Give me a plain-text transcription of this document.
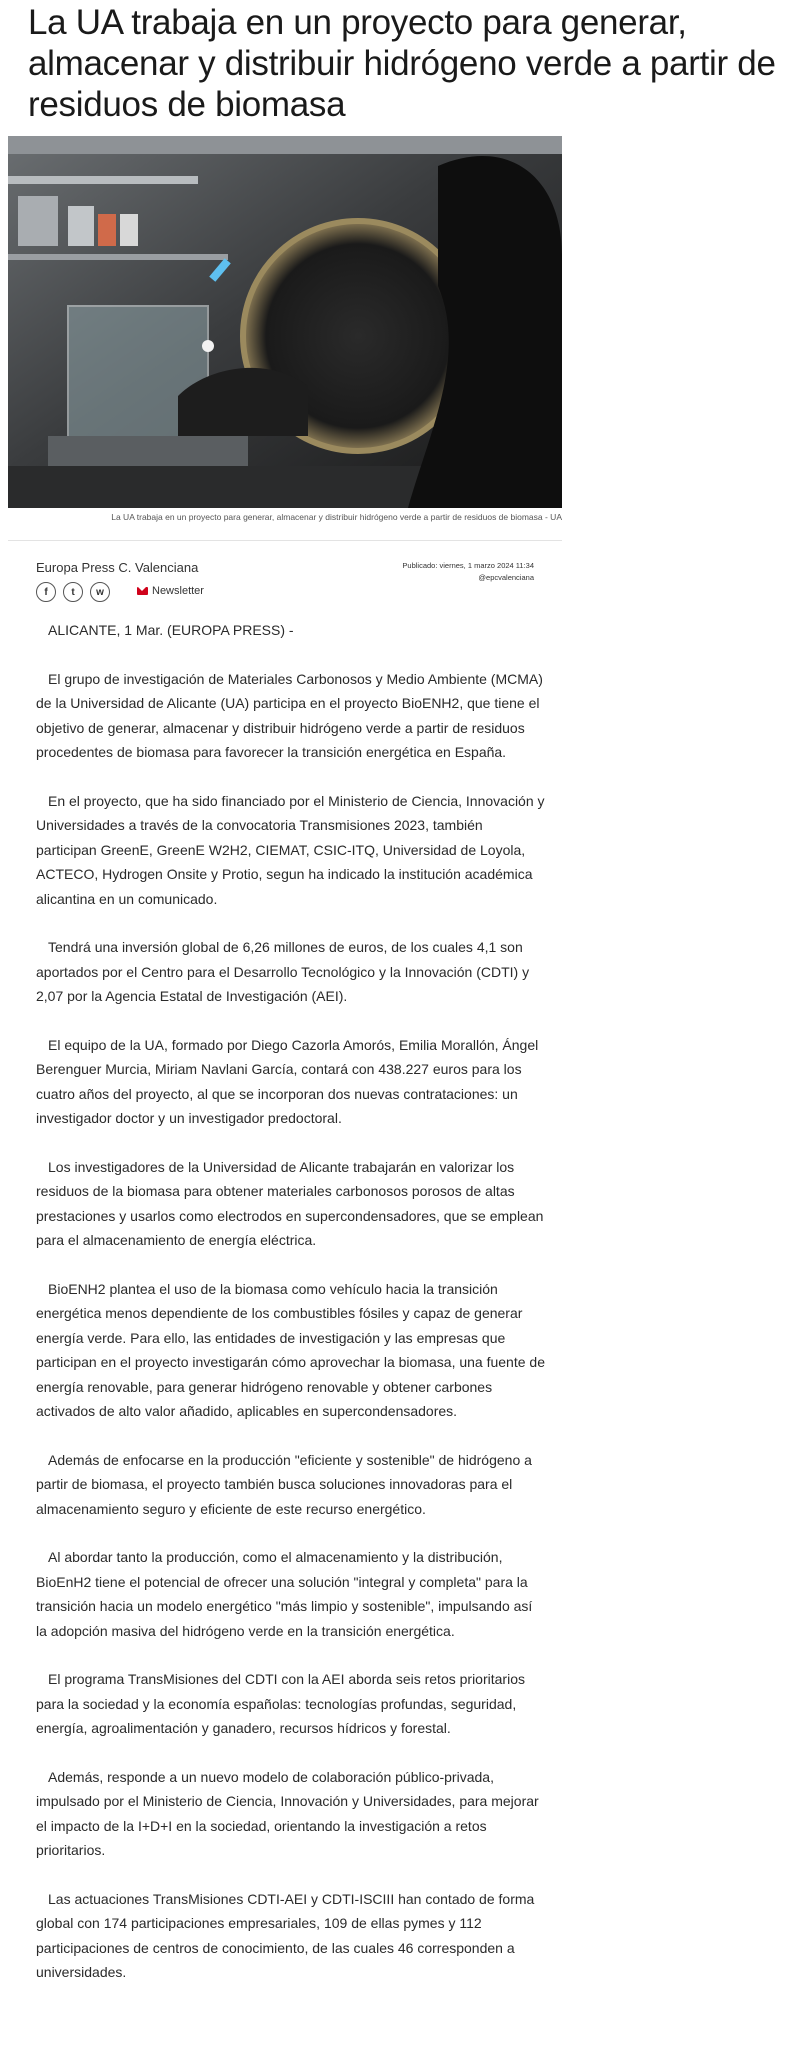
La UA trabaja en un proyecto para generar, almacenar y distribuir hidrógeno verde a partir de residuos de biomasa
La UA trabaja en un proyecto para generar, almacenar y distribuir hidrógeno verde a partir de residuos de biomasa - UA
Europa Press C. Valenciana	Publicado: viernes, 1 marzo 2024 11:34
@epcvalenciana
f	t	w	Newsletter

ALICANTE, 1 Mar. (EUROPA PRESS) -

El grupo de investigación de Materiales Carbonosos y Medio Ambiente (MCMA) de la Universidad de Alicante (UA) participa en el proyecto BioENH2, que tiene el objetivo de generar, almacenar y distribuir hidrógeno verde a partir de residuos procedentes de biomasa para favorecer la transición energética en España.

En el proyecto, que ha sido financiado por el Ministerio de Ciencia, Innovación y Universidades a través de la convocatoria Transmisiones 2023, también participan GreenE, GreenE W2H2, CIEMAT, CSIC-ITQ, Universidad de Loyola, ACTECO, Hydrogen Onsite y Protio, segun ha indicado la institución académica alicantina en un comunicado.

Tendrá una inversión global de 6,26 millones de euros, de los cuales 4,1 son aportados por el Centro para el Desarrollo Tecnológico y la Innovación (CDTI) y 2,07 por la Agencia Estatal de Investigación (AEI).

El equipo de la UA, formado por Diego Cazorla Amorós, Emilia Morallón, Ángel Berenguer Murcia, Miriam Navlani García, contará con 438.227 euros para los cuatro años del proyecto, al que se incorporan dos nuevas contrataciones: un investigador doctor y un investigador predoctoral.

Los investigadores de la Universidad de Alicante trabajarán en valorizar los residuos de la biomasa para obtener materiales carbonosos porosos de altas prestaciones y usarlos como electrodos en supercondensadores, que se emplean para el almacenamiento de energía eléctrica.

BioENH2 plantea el uso de la biomasa como vehículo hacia la transición energética menos dependiente de los combustibles fósiles y capaz de generar energía verde. Para ello, las entidades de investigación y las empresas que participan en el proyecto investigarán cómo aprovechar la biomasa, una fuente de energía renovable, para generar hidrógeno renovable y obtener carbones activados de alto valor añadido, aplicables en supercondensadores.

Además de enfocarse en la producción "eficiente y sostenible" de hidrógeno a partir de biomasa, el proyecto también busca soluciones innovadoras para el almacenamiento seguro y eficiente de este recurso energético.

Al abordar tanto la producción, como el almacenamiento y la distribución, BioEnH2 tiene el potencial de ofrecer una solución "integral y completa" para la transición hacia un modelo energético "más limpio y sostenible", impulsando así la adopción masiva del hidrógeno verde en la transición energética.

El programa TransMisiones del CDTI con la AEI aborda seis retos prioritarios para la sociedad y la economía españolas: tecnologías profundas, seguridad, energía, agroalimentación y ganadero, recursos hídricos y forestal.

Además, responde a un nuevo modelo de colaboración público-privada, impulsado por el Ministerio de Ciencia, Innovación y Universidades, para mejorar el impacto de la I+D+I en la sociedad, orientando la investigación a retos prioritarios.

Las actuaciones TransMisiones CDTI-AEI y CDTI-ISCIII han contado de forma global con 174 participaciones empresariales, 109 de ellas pymes y 112 participaciones de centros de conocimiento, de las cuales 46 corresponden a universidades.
